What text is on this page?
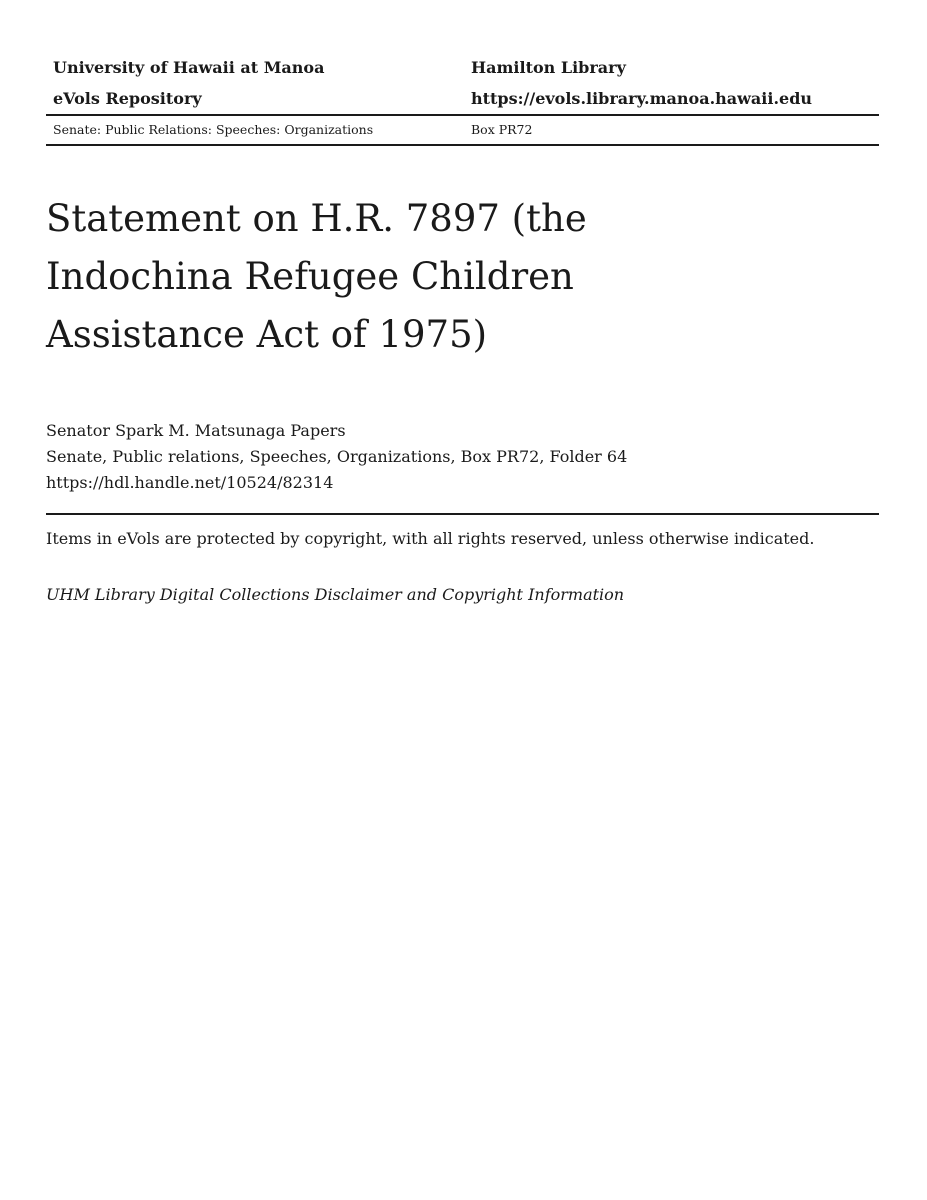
University of Hawaii at Manoa	Hamilton Library
eVols Repository	https://evols.library.manoa.hawaii.edu
Senate: Public Relations: Speeches: Organizations	Box PR72
Statement on H.R. 7897 (the Indochina Refugee Children Assistance Act of 1975)
Senator Spark M. Matsunaga Papers
Senate, Public relations, Speeches, Organizations, Box PR72, Folder 64
https://hdl.handle.net/10524/82314
Items in eVols are protected by copyright, with all rights reserved, unless otherwise indicated.
UHM Library Digital Collections Disclaimer and Copyright Information
